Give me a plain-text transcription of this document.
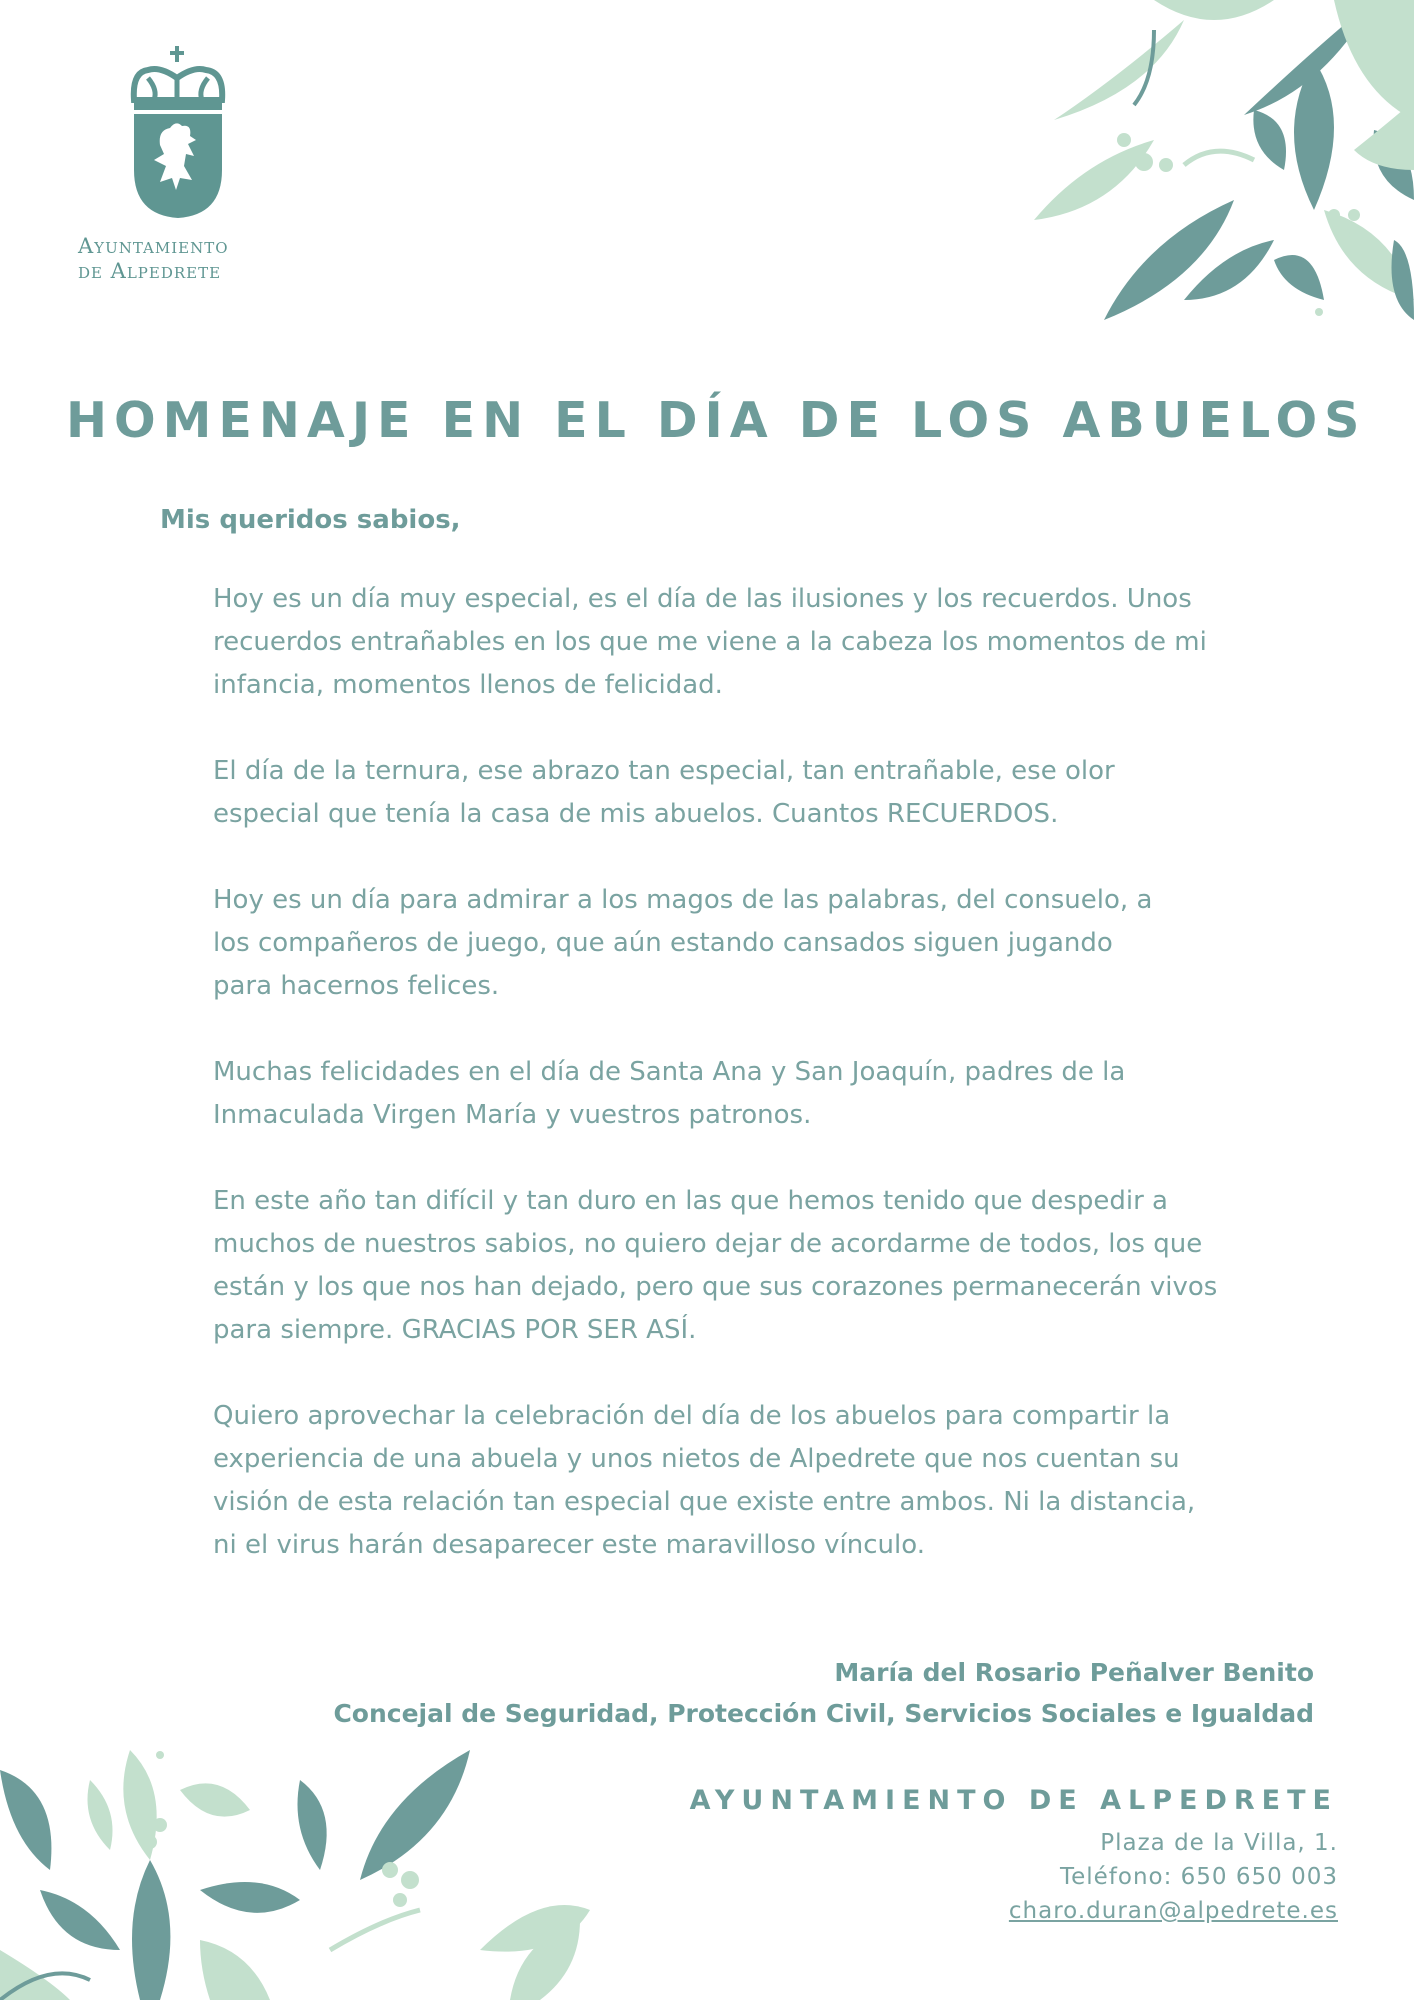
Ayuntamiento
de Alpedrete
HOMENAJE EN EL DÍA DE LOS ABUELOS

Mis queridos sabios,

Hoy es un día muy especial, es el día de las ilusiones y los recuerdos. Unos
recuerdos entrañables en los que me viene a la cabeza los momentos de mi
infancia, momentos llenos de felicidad.

El día de la ternura, ese abrazo tan especial, tan entrañable, ese olor
especial que tenía la casa de mis abuelos. Cuantos RECUERDOS.

Hoy es un día para admirar a los magos de las palabras, del consuelo, a
los compañeros de juego, que aún estando cansados siguen jugando
para hacernos felices.

Muchas felicidades en el día de Santa Ana y San Joaquín, padres de la
Inmaculada Virgen María y vuestros patronos.

En este año tan difícil y tan duro en las que hemos tenido que despedir a
muchos de nuestros sabios, no quiero dejar de acordarme de todos, los que
están y los que nos han dejado, pero que sus corazones permanecerán vivos
para siempre. GRACIAS POR SER ASÍ.

Quiero aprovechar la celebración del día de los abuelos para compartir la
experiencia de una abuela y unos nietos de Alpedrete que nos cuentan su
visión de esta relación tan especial que existe entre ambos. Ni la distancia,
ni el virus harán desaparecer este maravilloso vínculo.

María del Rosario Peñalver Benito
Concejal de Seguridad, Protección Civil, Servicios Sociales e Igualdad
AYUNTAMIENTO DE ALPEDRETE
Plaza de la Villa, 1.
Teléfono: 650 650 003
charo.duran@alpedrete.es
